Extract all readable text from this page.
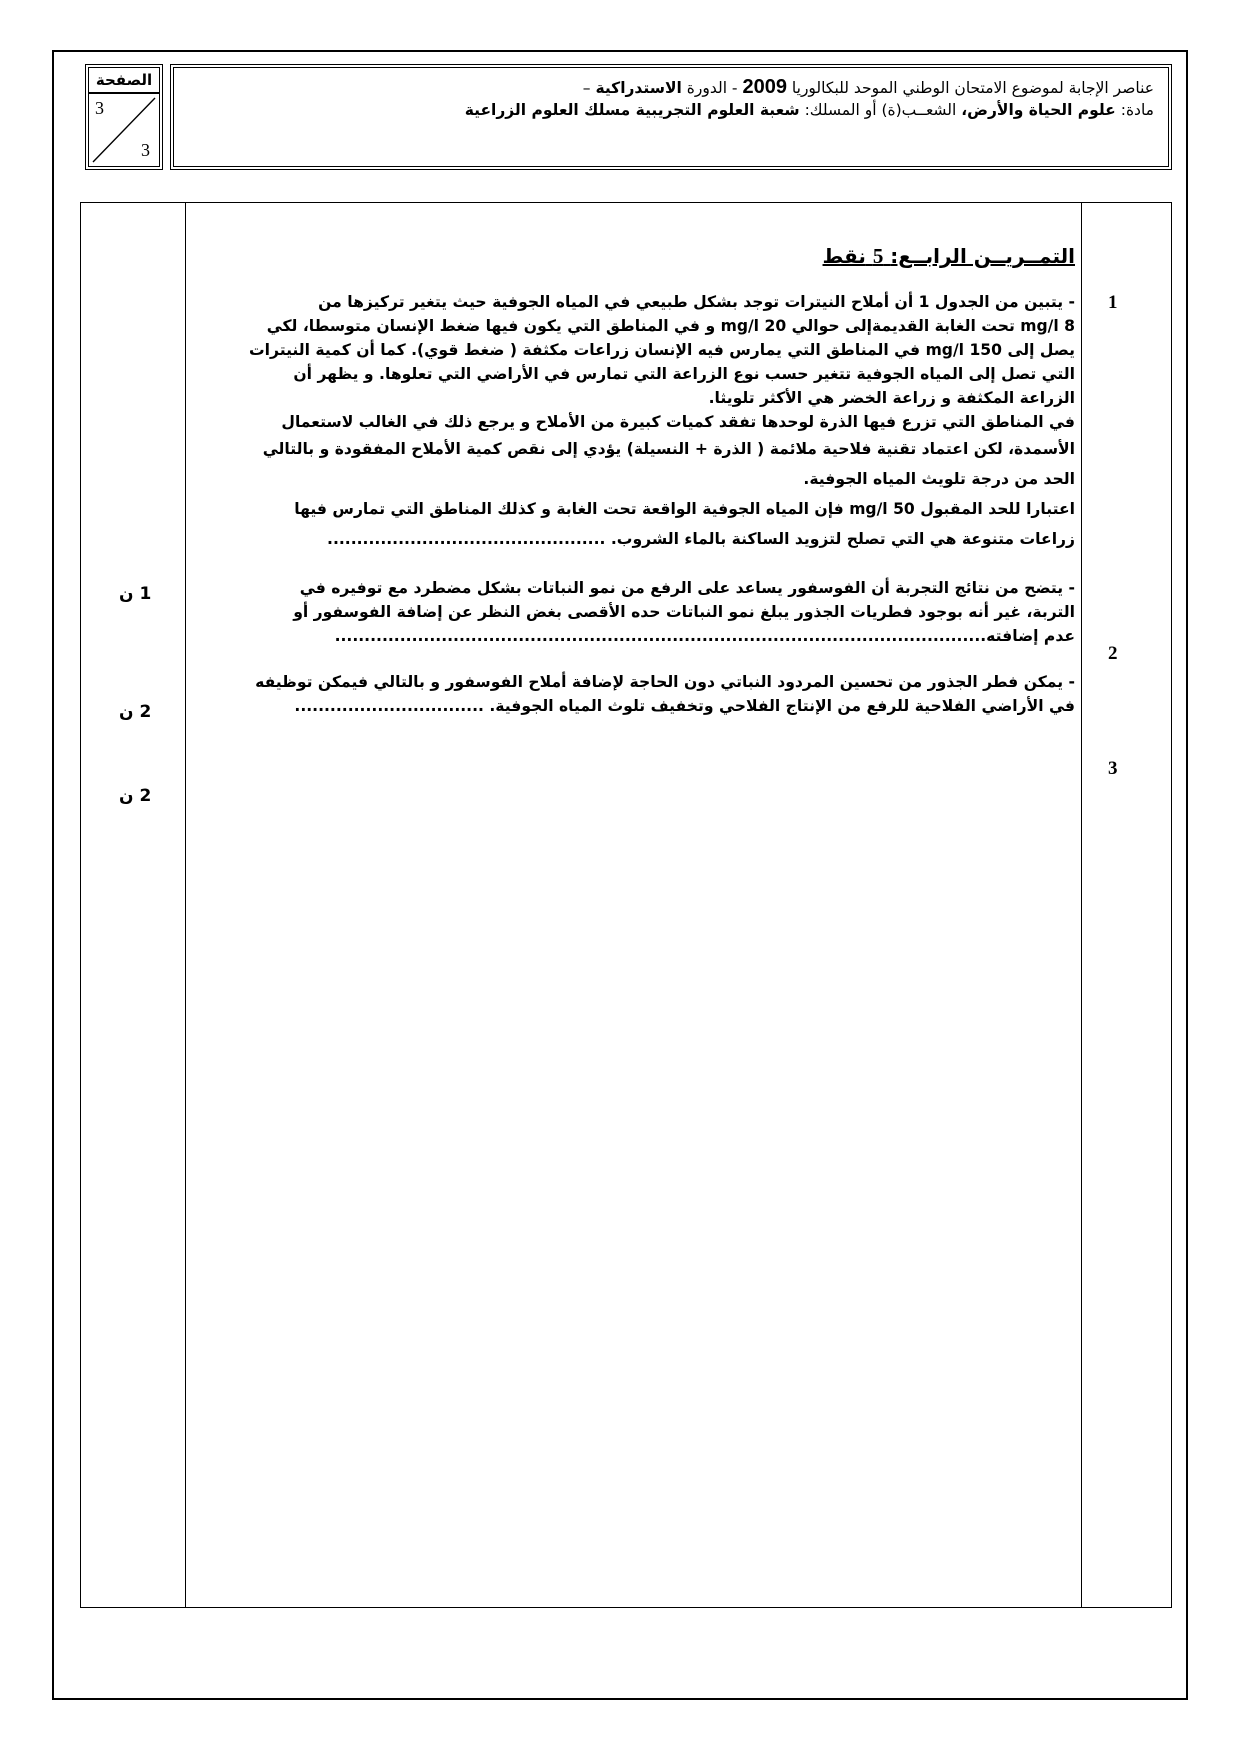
الصفحة
3
3
عناصر الإجابة لموضوع الامتحان الوطني الموحد للبكالوريا 2009 - الدورة الاستدراكية –
مادة: علوم الحياة والأرض، الشعــب(ة) أو المسلك: شعبة العلوم التجريبية مسلك العلوم الزراعية
التمــريــن الرابــع: 5 نقط

- يتبين من الجدول 1 أن أملاح النيترات توجد بشكل طبيعي في المياه الجوفية حيث يتغير تركيزها من

mg/l 8 تحت الغابة القديمةإلى حوالي 20 mg/l و في المناطق التي يكون فيها ضغط الإنسان متوسطا، لكي

يصل إلى 150 mg/l في المناطق التي يمارس فيه الإنسان زراعات مكثفة ( ضغط قوي). كما أن كمية النيترات

التي تصل إلى المياه الجوفية تتغير حسب نوع الزراعة التي تمارس في الأراضي التي تعلوها. و يظهر أن

الزراعة المكثفة و زراعة الخضر هي الأكثر تلويثا.

في المناطق التي تزرع فيها الذرة لوحدها تفقد كميات كبيرة من الأملاح و يرجع ذلك في الغالب لاستعمال

الأسمدة، لكن اعتماد تقنية فلاحية ملائمة ( الذرة + النسيلة) يؤدي إلى نقص كمية الأملاح المفقودة و بالتالي

الحد من درجة تلويث المياه الجوفية.

اعتبارا للحد المقبول 50 mg/l فإن المياه الجوفية الواقعة تحت الغابة و كذلك المناطق التي تمارس فيها

زراعات متنوعة هي التي تصلح لتزويد الساكنة بالماء الشروب. ...............................................

- يتضح من نتائج التجربة أن الفوسفور يساعد على الرفع من نمو النباتات بشكل مضطرد مع توفيره في

التربة، غير أنه بوجود فطريات الجذور يبلغ نمو النباتات حده الأقصى بغض النظر عن إضافة الفوسفور أو

عدم إضافته..............................................................................................................

- يمكن فطر الجذور من تحسين المردود النباتي دون الحاجة لإضافة أملاح الفوسفور و بالتالي فيمكن توظيفه

في الأراضي الفلاحية للرفع من الإنتاج الفلاحي وتخفيف تلوث المياه الجوفية. ................................

1
2
3
1 ن
2 ن
2 ن
